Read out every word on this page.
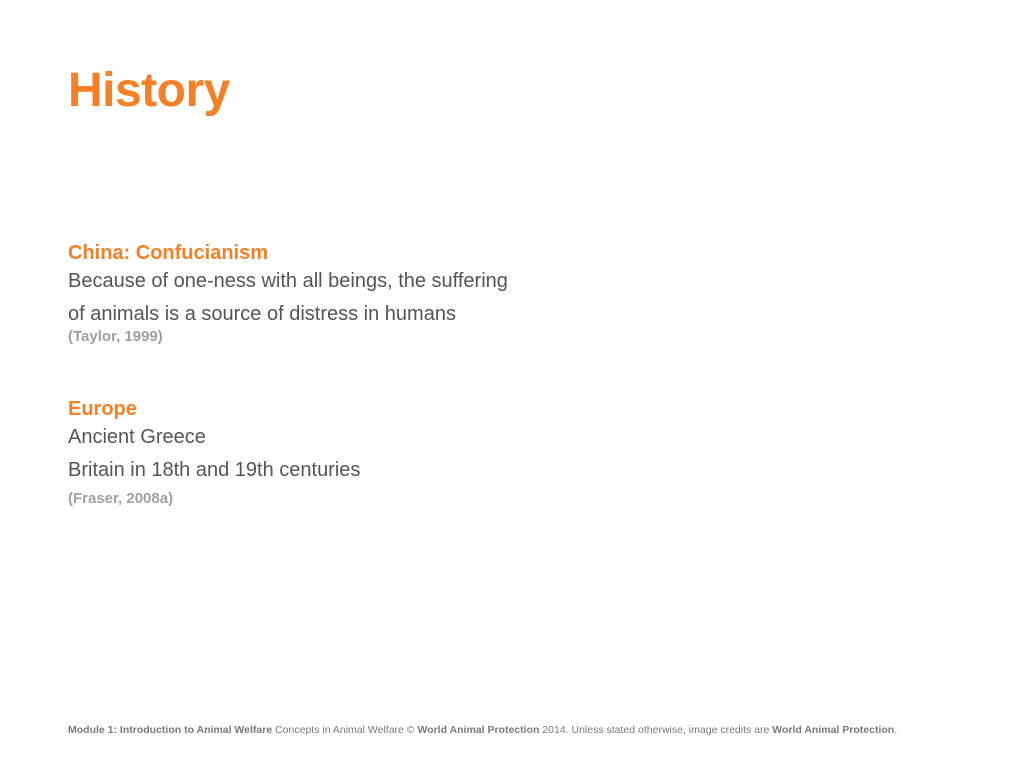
History

China: Confucianism

Because of one-ness with all beings, the suffering

of animals is a source of distress in humans

(Taylor, 1999)

Europe

Ancient Greece

Britain in 18th and 19th centuries

(Fraser, 2008a)

Module 1: Introduction to Animal Welfare Concepts in Animal Welfare © World Animal Protection 2014. Unless stated otherwise, image credits are World Animal Protection.
